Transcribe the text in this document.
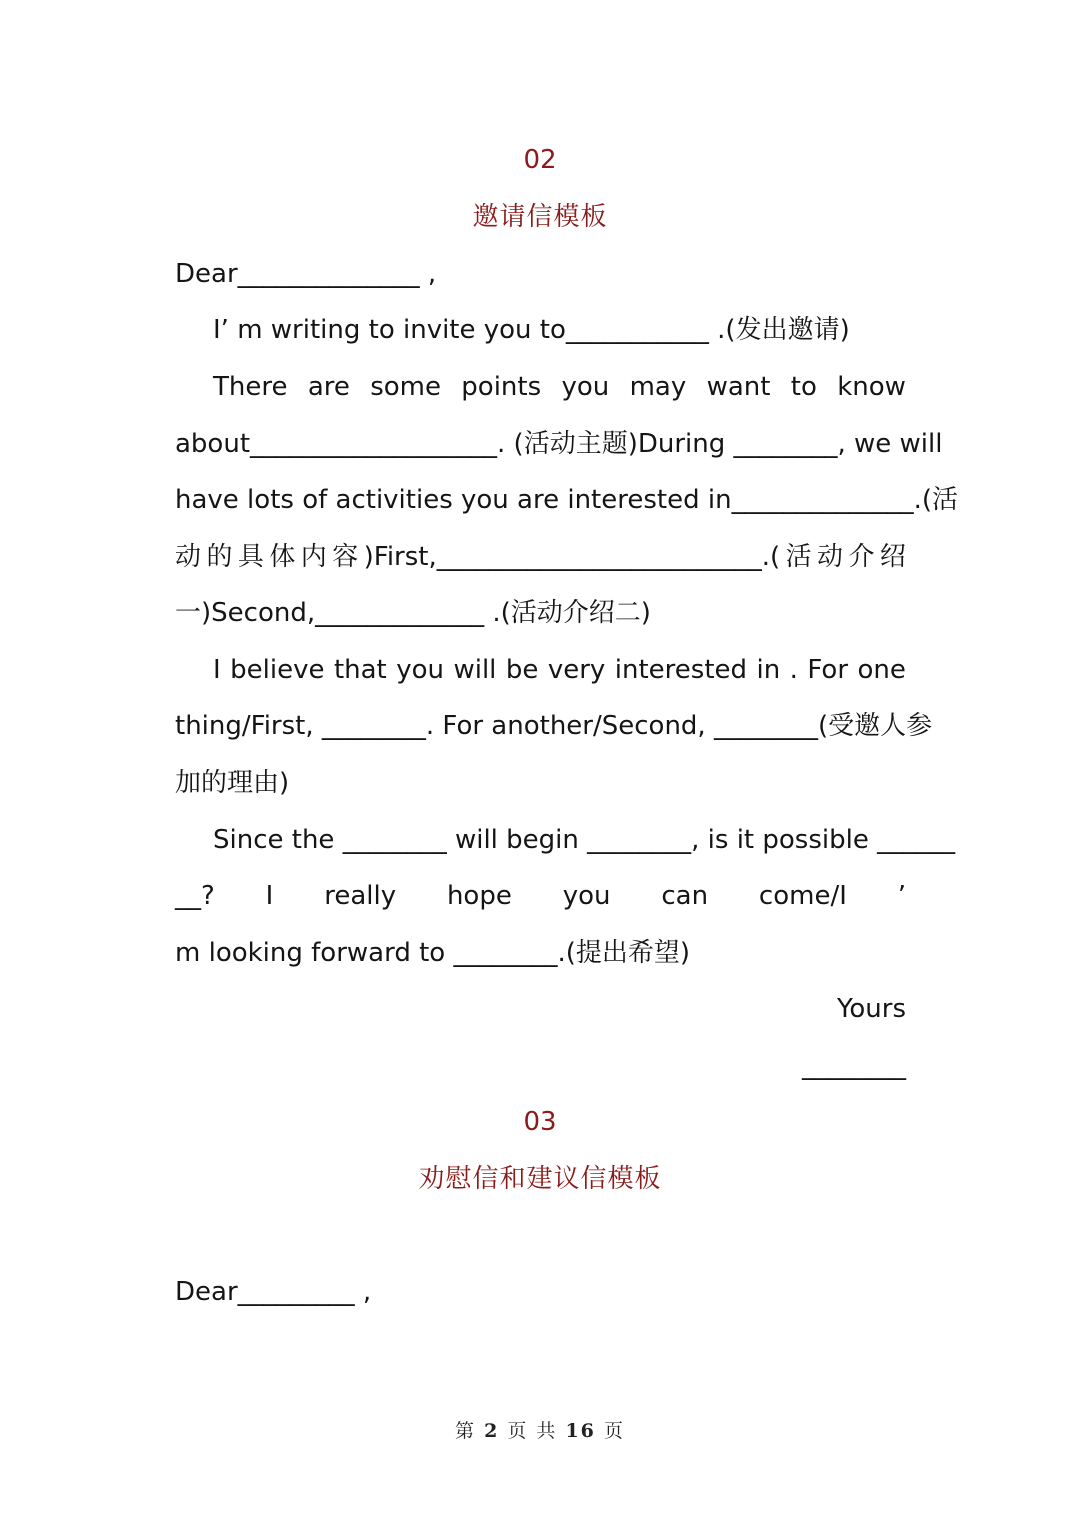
02
邀请信模板
Dear______________ ,
I’ m writing to invite you to___________ .(发出邀请)
There are some points you may want to know
about___________________. (活动主题)During ________, we will
have lots of activities you are interested in______________.(活
动 的 具 体 内 容 )First,_________________________.( 活 动 介 绍
一)Second,_____________ .(活动介绍二)
I believe that you will be very interested in . For one
thing/First, ________. For another/Second, ________(受邀人参
加的理由)
Since the ________ will begin ________, is it possible ______
__? I really hope you can come/I ’
m looking forward to ________.(提出希望)
Yours
________
03
劝慰信和建议信模板
Dear_________ ,
第 2 页 共 16 页
